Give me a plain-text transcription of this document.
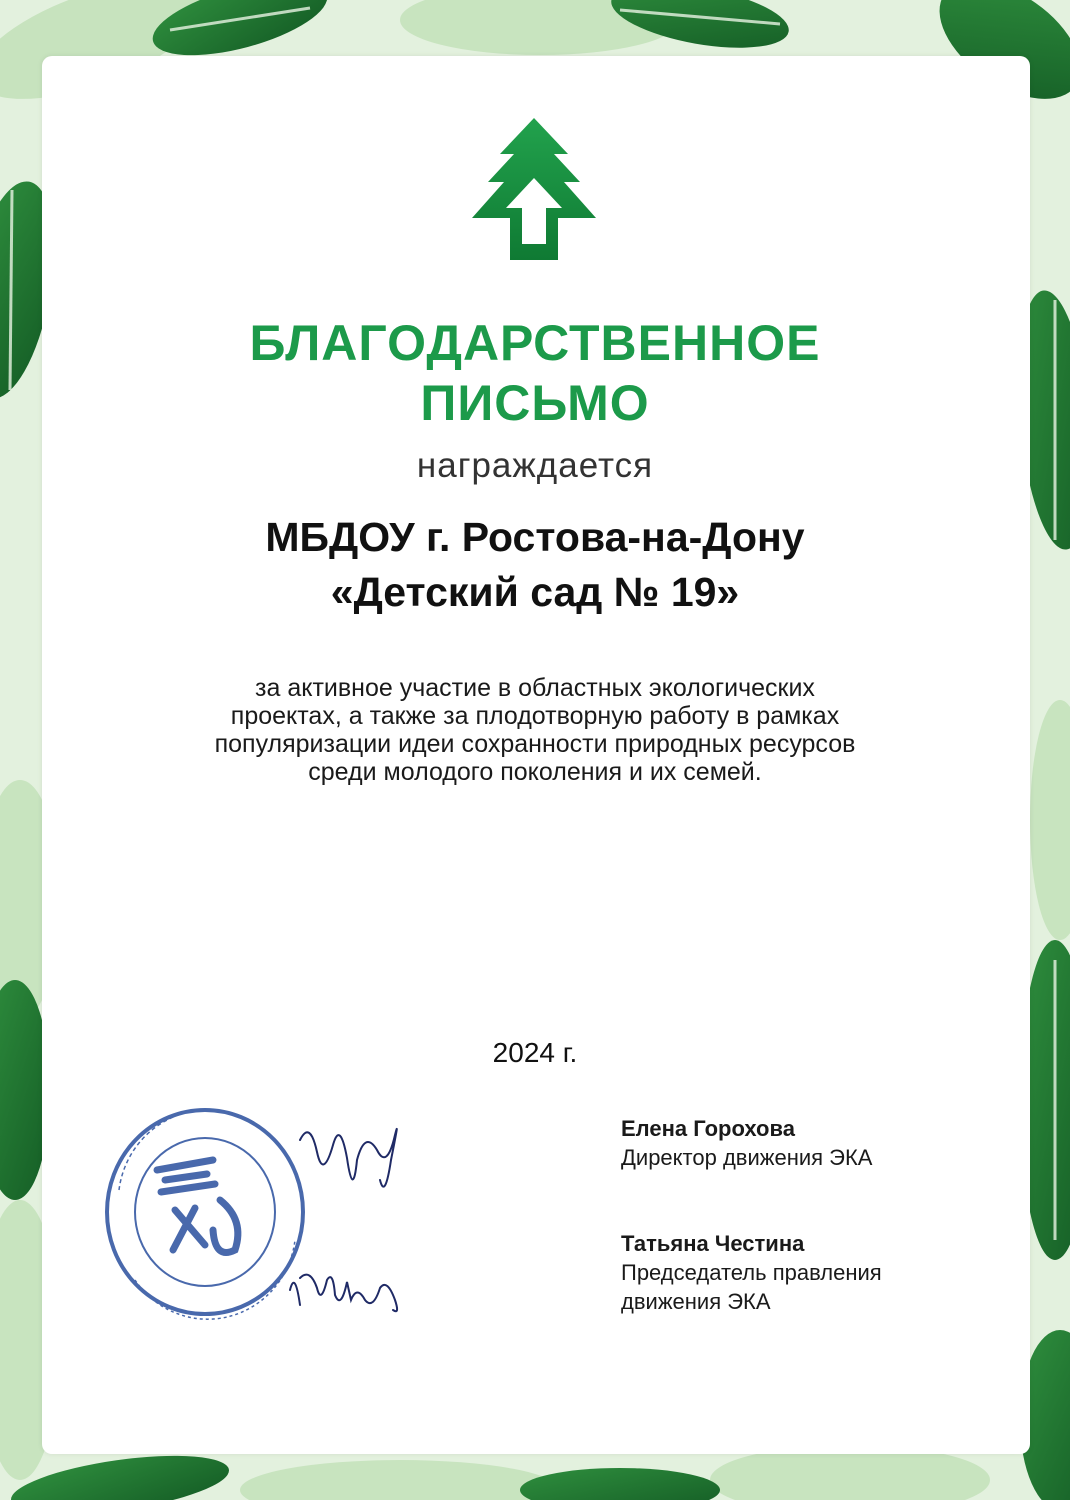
БЛАГОДАРСТВЕННОЕ
ПИСЬМО
награждается
МБДОУ г. Ростова-на-Дону
«Детский сад № 19»
за активное участие в областных экологических
проектах, а также за плодотворную работу в рамках
популяризации идеи сохранности природных ресурсов
среди молодого поколения и их семей.
2024 г.
Елена Горохова
Директор движения ЭКА
Татьяна Честина
Председатель правления
движения ЭКА
